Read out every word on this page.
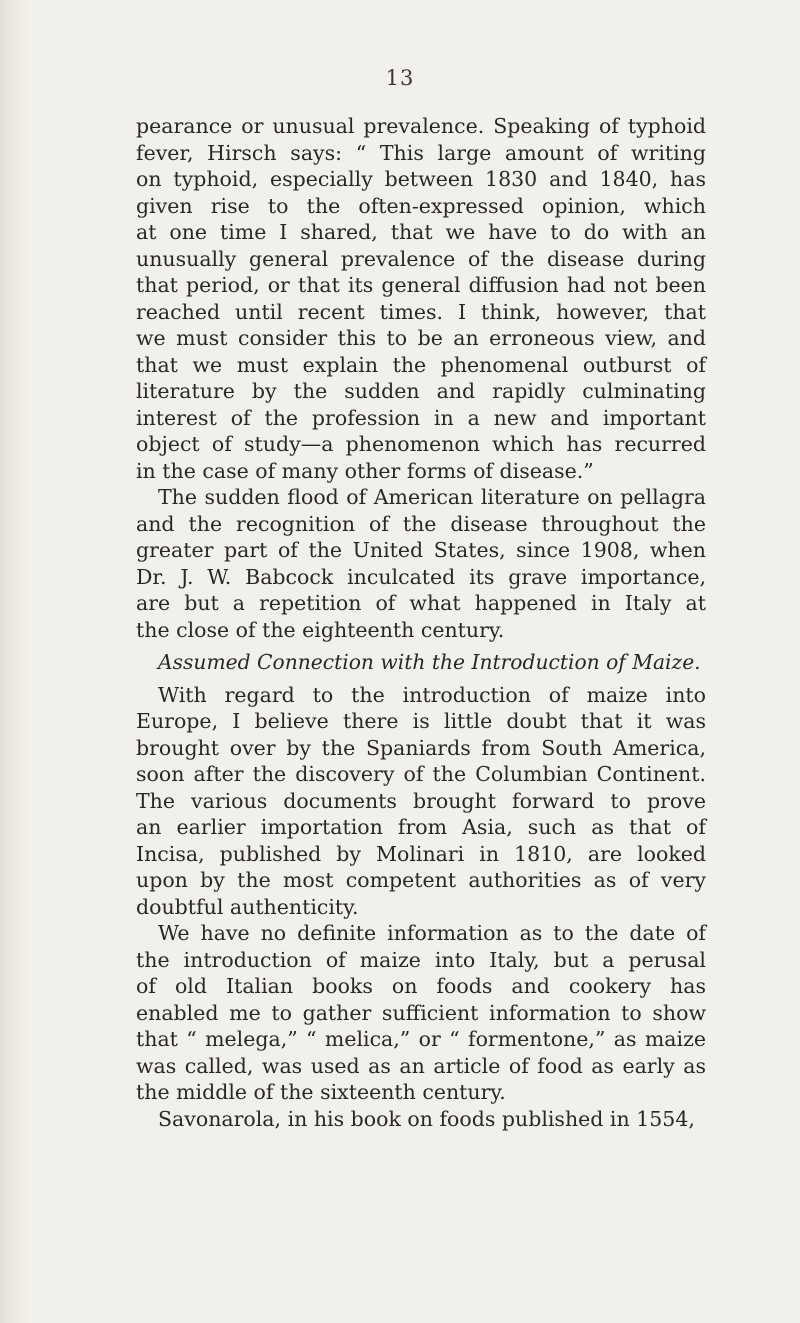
13
pearance or unusual prevalence. Speaking of typhoid
fever, Hirsch says: “ This large amount of writing
on typhoid, especially between 1830 and 1840, has
given rise to the often-expressed opinion, which
at one time I shared, that we have to do with an
unusually general prevalence of the disease during
that period, or that its general diffusion had not been
reached until recent times. I think, however, that
we must consider this to be an erroneous view, and
that we must explain the phenomenal outburst of
literature by the sudden and rapidly culminating
interest of the profession in a new and important
object of study—a phenomenon which has recurred
in the case of many other forms of disease.”
The sudden flood of American literature on pellagra
and the recognition of the disease throughout the
greater part of the United States, since 1908, when
Dr. J. W. Babcock inculcated its grave importance,
are but a repetition of what happened in Italy at
the close of the eighteenth century.
Assumed Connection with the Introduction of Maize.
With regard to the introduction of maize into
Europe, I believe there is little doubt that it was
brought over by the Spaniards from South America,
soon after the discovery of the Columbian Continent.
The various documents brought forward to prove
an earlier importation from Asia, such as that of
Incisa, published by Molinari in 1810, are looked
upon by the most competent authorities as of very
doubtful authenticity.
We have no definite information as to the date of
the introduction of maize into Italy, but a perusal
of old Italian books on foods and cookery has
enabled me to gather sufficient information to show
that “ melega,” “ melica,” or “ formentone,” as maize
was called, was used as an article of food as early as
the middle of the sixteenth century.
Savonarola, in his book on foods published in 1554,
